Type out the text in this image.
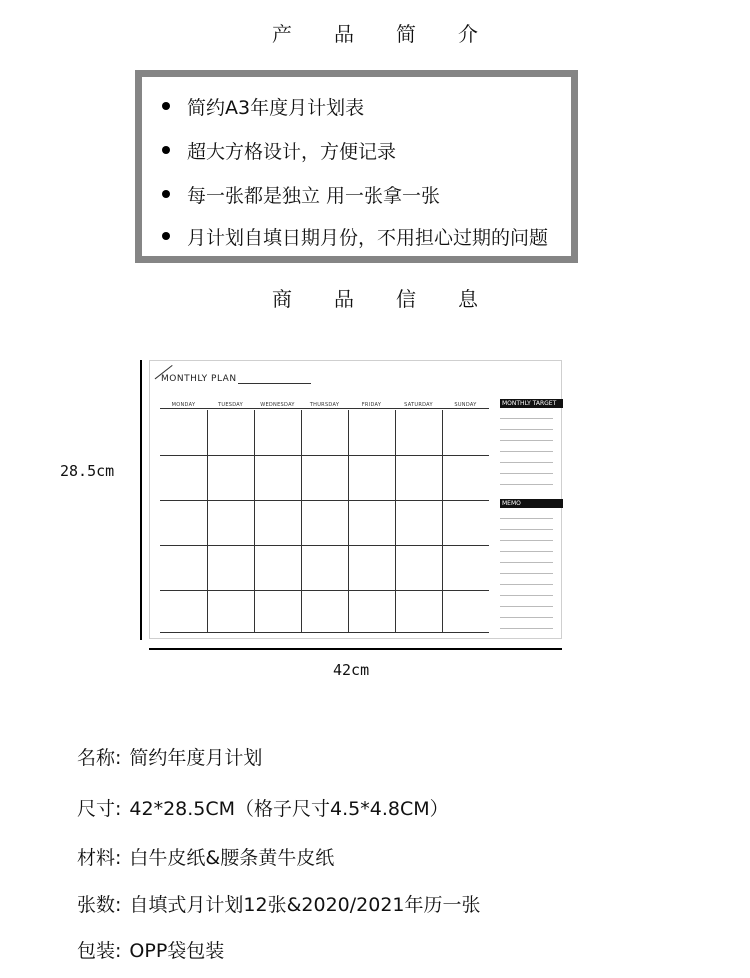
产品简介
简约A3年度月计划表
超大方格设计，方便记录
每一张都是独立 用一张拿一张
月计划自填日期月份，不用担心过期的问题
商品信息
28.5cm
MONTHLY PLAN
MONDAY	TUESDAY	WEDNESDAY	THURSDAY	FRIDAY	SATURDAY	SUNDAY	MONTHLY TARGET
MEMO
42cm
名称: 简约年度月计划
尺寸: 42*28.5CM（格子尺寸4.5*4.8CM）
材料: 白牛皮纸&腰条黄牛皮纸
张数: 自填式月计划12张&2020/2021年历一张
包装: OPP袋包装
